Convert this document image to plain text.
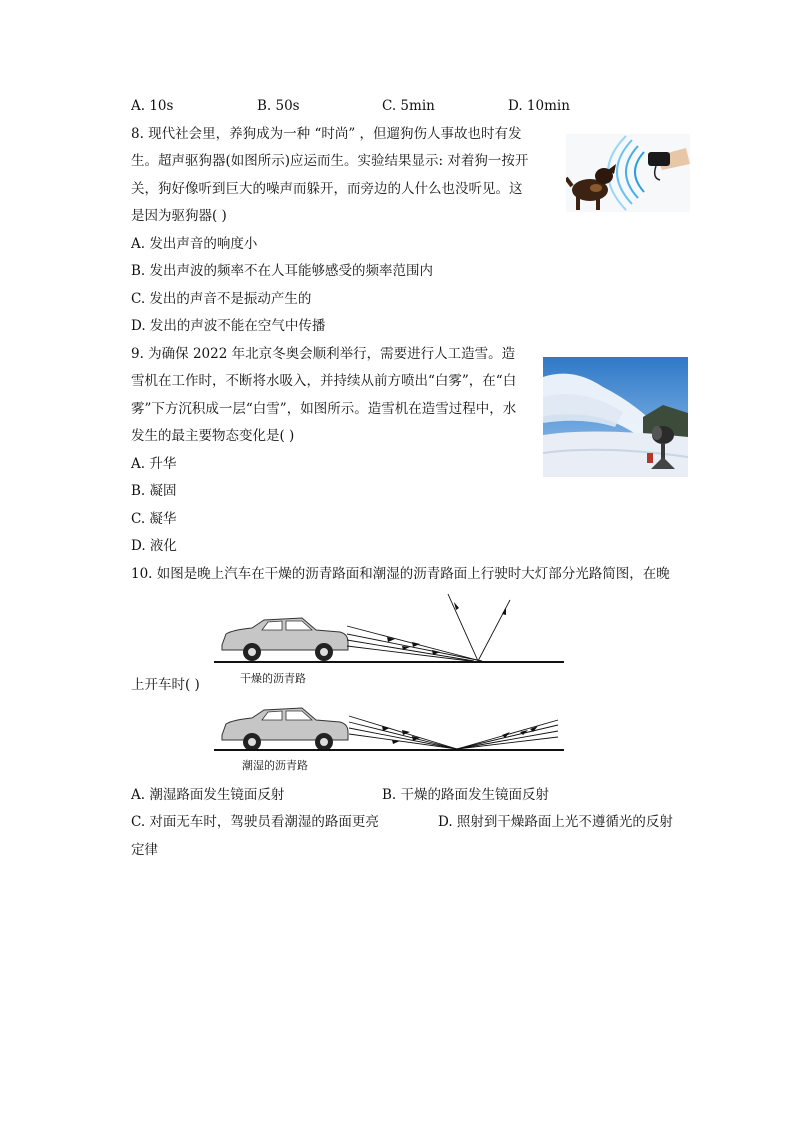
A. 10s	B. 50s	C. 5min	D. 10min
8. 现代社会里，养狗成为一种 “时尚” ，但遛狗伤人事故也时有发
生。超声驱狗器(如图所示)应运而生。实验结果显示: 对着狗一按开
关，狗好像听到巨大的噪声而躲开，而旁边的人什么也没听见。这
是因为驱狗器( )
A. 发出声音的响度小
B. 发出声波的频率不在人耳能够感受的频率范围内
C. 发出的声音不是振动产生的
D. 发出的声波不能在空气中传播
9. 为确保 2022 年北京冬奥会顺利举行，需要进行人工造雪。造
雪机在工作时，不断将水吸入，并持续从前方喷出“白雾”，在“白
雾”下方沉积成一层“白雪”，如图所示。造雪机在造雪过程中，水
发生的最主要物态变化是( )
A. 升华
B. 凝固
C. 凝华
D. 液化
10. 如图是晚上汽车在干燥的沥青路面和潮湿的沥青路面上行驶时大灯部分光路简图，在晚
干燥的沥青路
潮湿的沥青路
上开车时( )
A. 潮湿路面发生镜面反射	B. 干燥的路面发生镜面反射
C. 对面无车时，驾驶员看潮湿的路面更亮	D. 照射到干燥路面上光不遵循光的反射
定律
